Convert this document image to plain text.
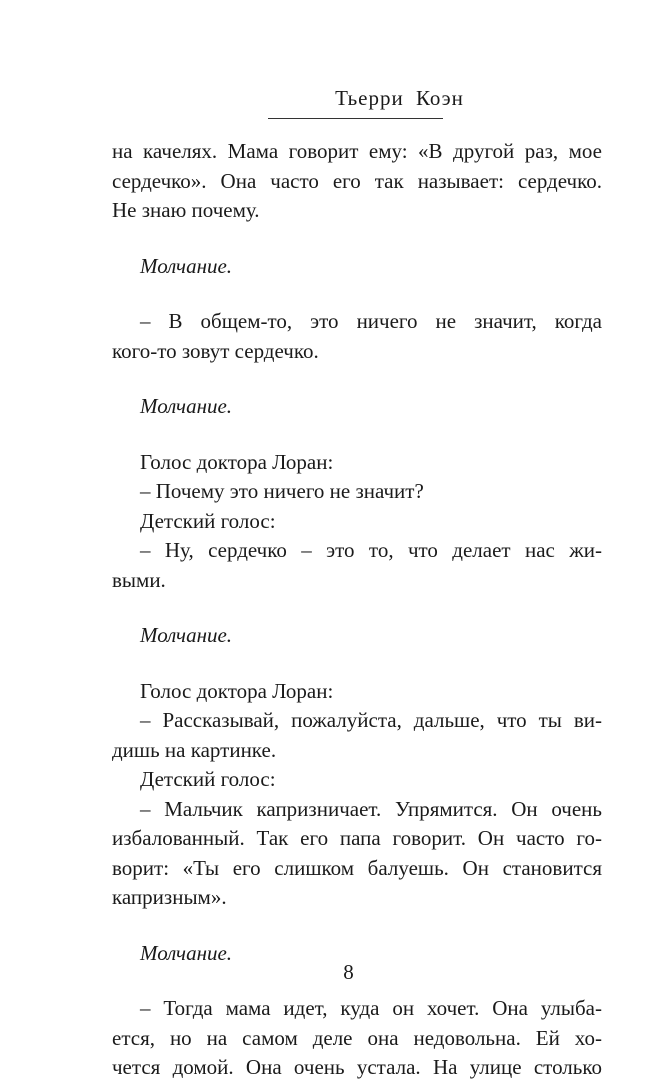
Тьерри Коэн
на качелях. Мама говорит ему: «В другой раз, мое
сердечко». Она часто его так называет: сердечко.
Не знаю почему.
Молчание.
– В общем-то, это ничего не значит, когда
кого-то зовут сердечко.
Молчание.
Голос доктора Лоран:
– Почему это ничего не значит?
Детский голос:
– Ну, сердечко – это то, что делает нас жи-
выми.
Молчание.
Голос доктора Лоран:
– Рассказывай, пожалуйста, дальше, что ты ви-
дишь на картинке.
Детский голос:
– Мальчик капризничает. Упрямится. Он очень
избалованный. Так его папа говорит. Он часто го-
ворит: «Ты его слишком балуешь. Он становится
капризным».
Молчание.
– Тогда мама идет, куда он хочет. Она улыба-
ется, но на самом деле она недовольна. Ей хо-
чется домой. Она очень устала. На улице столько
8
